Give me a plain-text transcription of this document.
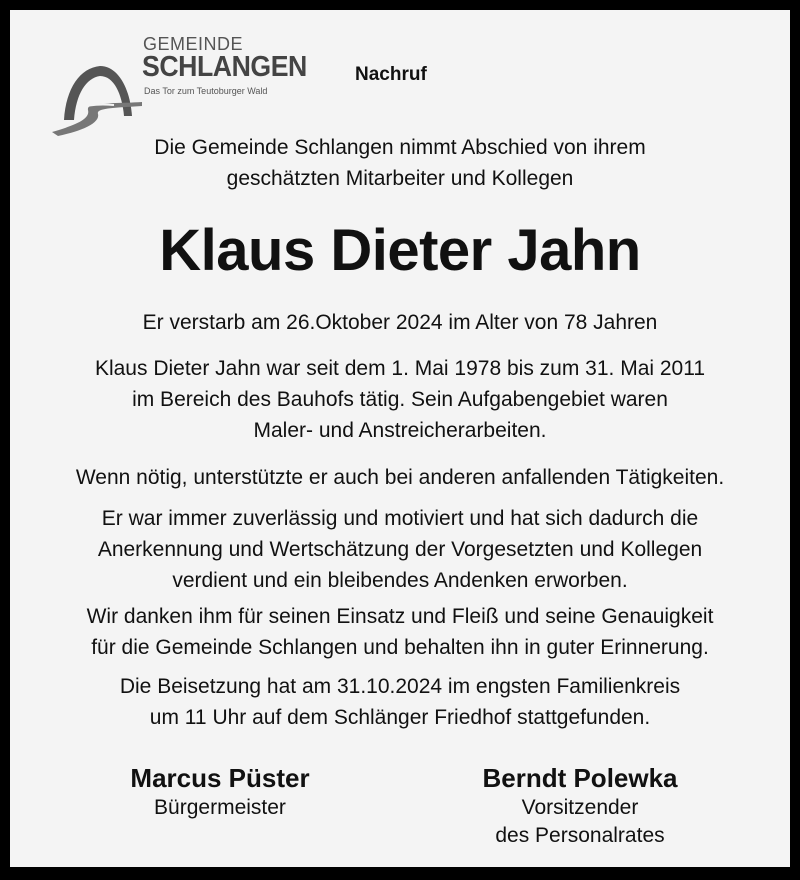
GEMEINDE
SCHLANGEN
Das Tor zum Teutoburger Wald
Nachruf
Die Gemeinde Schlangen nimmt Abschied von ihrem
geschätzten Mitarbeiter und Kollegen
Klaus Dieter Jahn
Er verstarb am 26.Oktober 2024 im Alter von 78 Jahren
Klaus Dieter Jahn war seit dem 1. Mai 1978 bis zum 31. Mai 2011
im Bereich des Bauhofs tätig. Sein Aufgabengebiet waren
Maler- und Anstreicherarbeiten.
Wenn nötig, unterstützte er auch bei anderen anfallenden Tätigkeiten.
Er war immer zuverlässig und motiviert und hat sich dadurch die
Anerkennung und Wertschätzung der Vorgesetzten und Kollegen
verdient und ein bleibendes Andenken erworben.
Wir danken ihm für seinen Einsatz und Fleiß und seine Genauigkeit
für die Gemeinde Schlangen und behalten ihn in guter Erinnerung.
Die Beisetzung hat am 31.10.2024 im engsten Familienkreis
um 11 Uhr auf dem Schlänger Friedhof stattgefunden.
Marcus Püster
Bürgermeister
Berndt Polewka
Vorsitzender
des Personalrates
